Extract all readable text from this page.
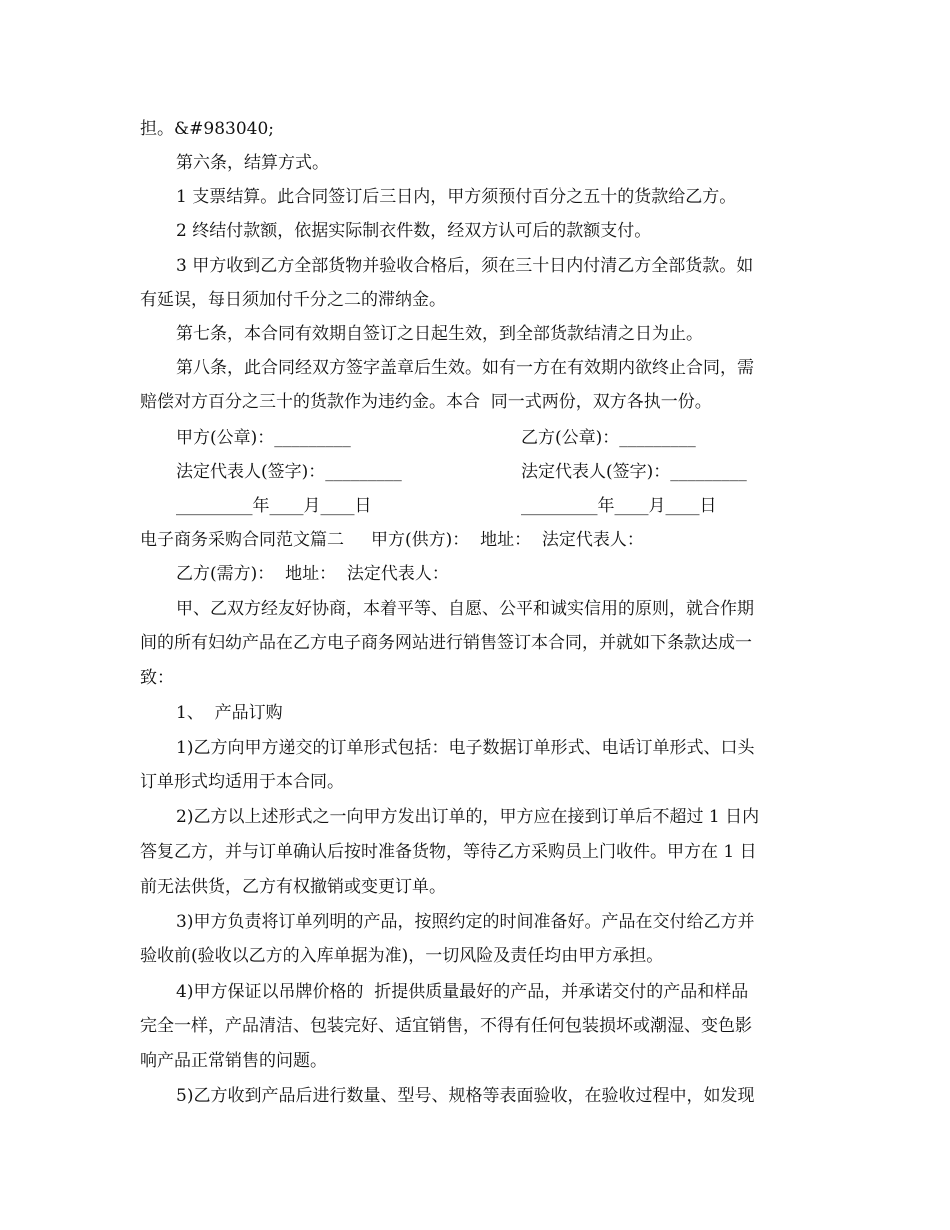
担。&#983040;
第六条，结算方式。
1 支票结算。此合同签订后三日内，甲方须预付百分之五十的货款给乙方。
2 终结付款额，依据实际制衣件数，经双方认可后的款额支付。
3 甲方收到乙方全部货物并验收合格后，须在三十日内付清乙方全部货款。如
有延误，每日须加付千分之二的滞纳金。
第七条，本合同有效期自签订之日起生效，到全部货款结清之日为止。
第八条，此合同经双方签字盖章后生效。如有一方在有效期内欲终止合同，需
赔偿对方百分之三十的货款作为违约金。本合  同一式两份，双方各执一份。
甲方(公章)：_________	乙方(公章)：_________
法定代表人(签字)：_________	法定代表人(签字)：_________
_________年____月____日	_________年____月____日
电子商务采购合同范文篇二     甲方(供方)：  地址：  法定代表人：
乙方(需方)：  地址：  法定代表人：
甲、乙双方经友好协商，本着平等、自愿、公平和诚实信用的原则，就合作期
间的所有妇幼产品在乙方电子商务网站进行销售签订本合同，并就如下条款达成一
致：
1、  产品订购
1)乙方向甲方递交的订单形式包括：电子数据订单形式、电话订单形式、口头
订单形式均适用于本合同。
2)乙方以上述形式之一向甲方发出订单的，甲方应在接到订单后不超过 1 日内
答复乙方，并与订单确认后按时准备货物，等待乙方采购员上门收件。甲方在 1 日
前无法供货，乙方有权撤销或变更订单。
3)甲方负责将订单列明的产品，按照约定的时间准备好。产品在交付给乙方并
验收前(验收以乙方的入库单据为准)，一切风险及责任均由甲方承担。
4)甲方保证以吊牌价格的  折提供质量最好的产品，并承诺交付的产品和样品
完全一样，产品清洁、包装完好、适宜销售，不得有任何包装损坏或潮湿、变色影
响产品正常销售的问题。
5)乙方收到产品后进行数量、型号、规格等表面验收，在验收过程中，如发现
